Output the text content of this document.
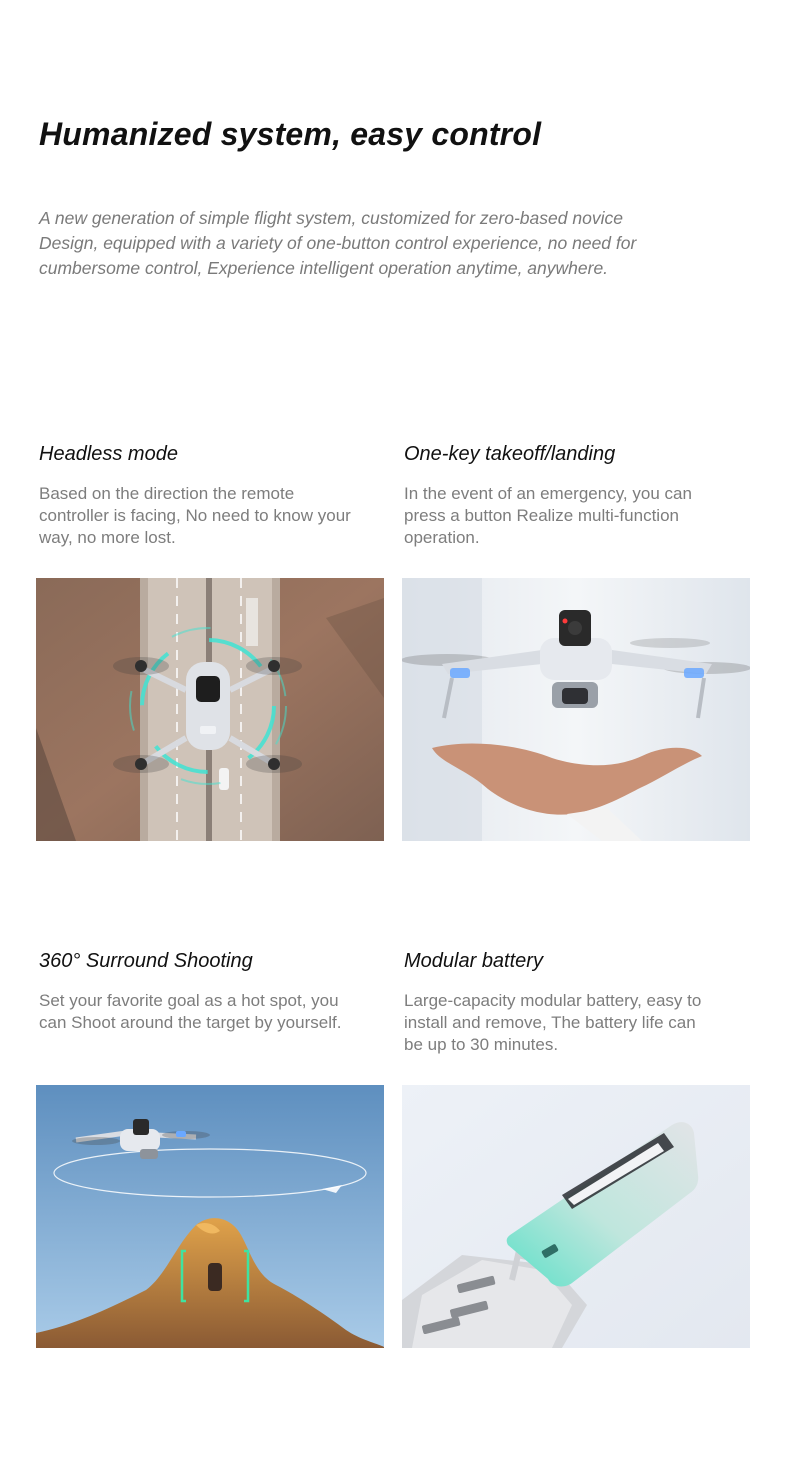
Humanized system, easy control

A new generation of simple flight system, customized for zero-based novice Design, equipped with a variety of one-button control experience, no need for cumbersome control, Experience intelligent operation anytime, anywhere.

Headless mode

Based on the direction the remote controller is facing, No need to know your way, no more lost.

One-key takeoff/landing

In the event of an emergency, you can press a button Realize multi-function operation.

360° Surround Shooting

Set your favorite goal as a hot spot, you can Shoot around the target by yourself.

Modular battery

Large-capacity modular battery, easy to install and remove, The battery life can be up to 30 minutes.
